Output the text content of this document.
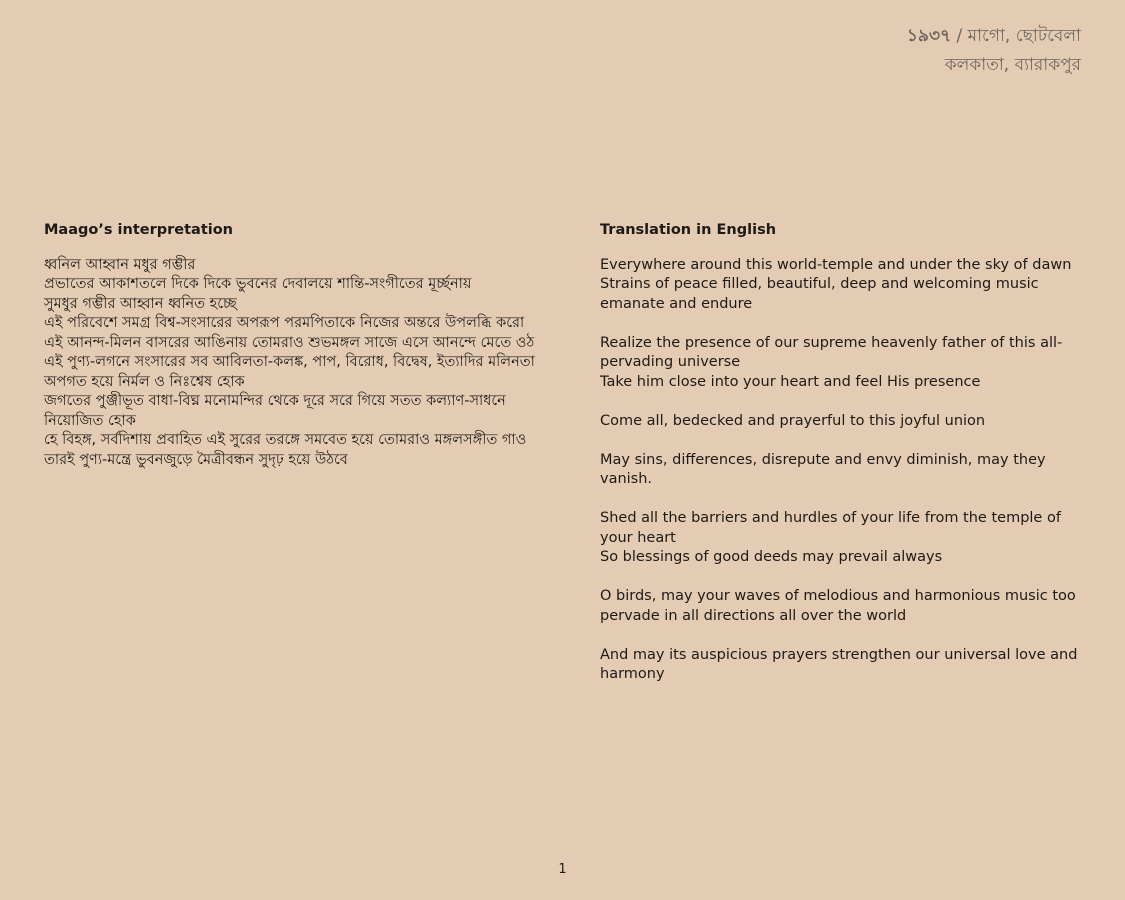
১৯৩৭ / মাগো, ছোটবেলা
কলকাতা, ব্যারাকপুর
Maago’s interpretation
ধ্বনিল আহ্বান মধুর গম্ভীর
প্রভাতের আকাশতলে দিকে দিকে ভুবনের দেবালয়ে শান্তি-সংগীতের মূর্চ্ছনায়
সুমধুর গম্ভীর আহ্বান ধ্বনিত হচ্ছে
এই পরিবেশে সমগ্র বিশ্ব-সংসারের অপরূপ পরমপিতাকে নিজের অন্তরে উপলব্ধি করো
এই আনন্দ-মিলন বাসরের আঙিনায় তোমরাও শুভমঙ্গল সাজে এসে আনন্দে মেতে ওঠ
এই পুণ্য-লগনে সংসারের সব আবিলতা-কলঙ্ক, পাপ, বিরোধ, বিদ্বেষ, ইত্যাদির মলিনতা অপগত হয়ে নির্মল ও নিঃশ্বেষ হোক
জগতের পুঞ্জীভূত বাধা-বিঘ্ন মনোমন্দির থেকে দূরে সরে গিয়ে সতত কল্যাণ-সাধনে নিয়োজিত হোক
হে বিহঙ্গ, সর্বদিশায় প্রবাহিত এই সুরের তরঙ্গে সমবেত হয়ে তোমরাও মঙ্গলসঙ্গীত গাও
তারই পুণ্য-মন্ত্রে ভুবনজুড়ে মৈত্রীবন্ধন সুদৃঢ় হয়ে উঠবে
Translation in English
Everywhere around this world-temple and under the sky of dawn
Strains of peace filled, beautiful, deep and welcoming music emanate and endure
Realize the presence of our supreme heavenly father of this all-pervading universe
Take him close into your heart and feel His presence
Come all, bedecked and prayerful to this joyful union
May sins, differences, disrepute and envy diminish, may they vanish.
Shed all the barriers and hurdles of your life from the temple of your heart
So blessings of good deeds may prevail always
O birds, may your waves of melodious and harmonious music too pervade in all directions all over the world
And may its auspicious prayers strengthen our universal love and harmony
1
